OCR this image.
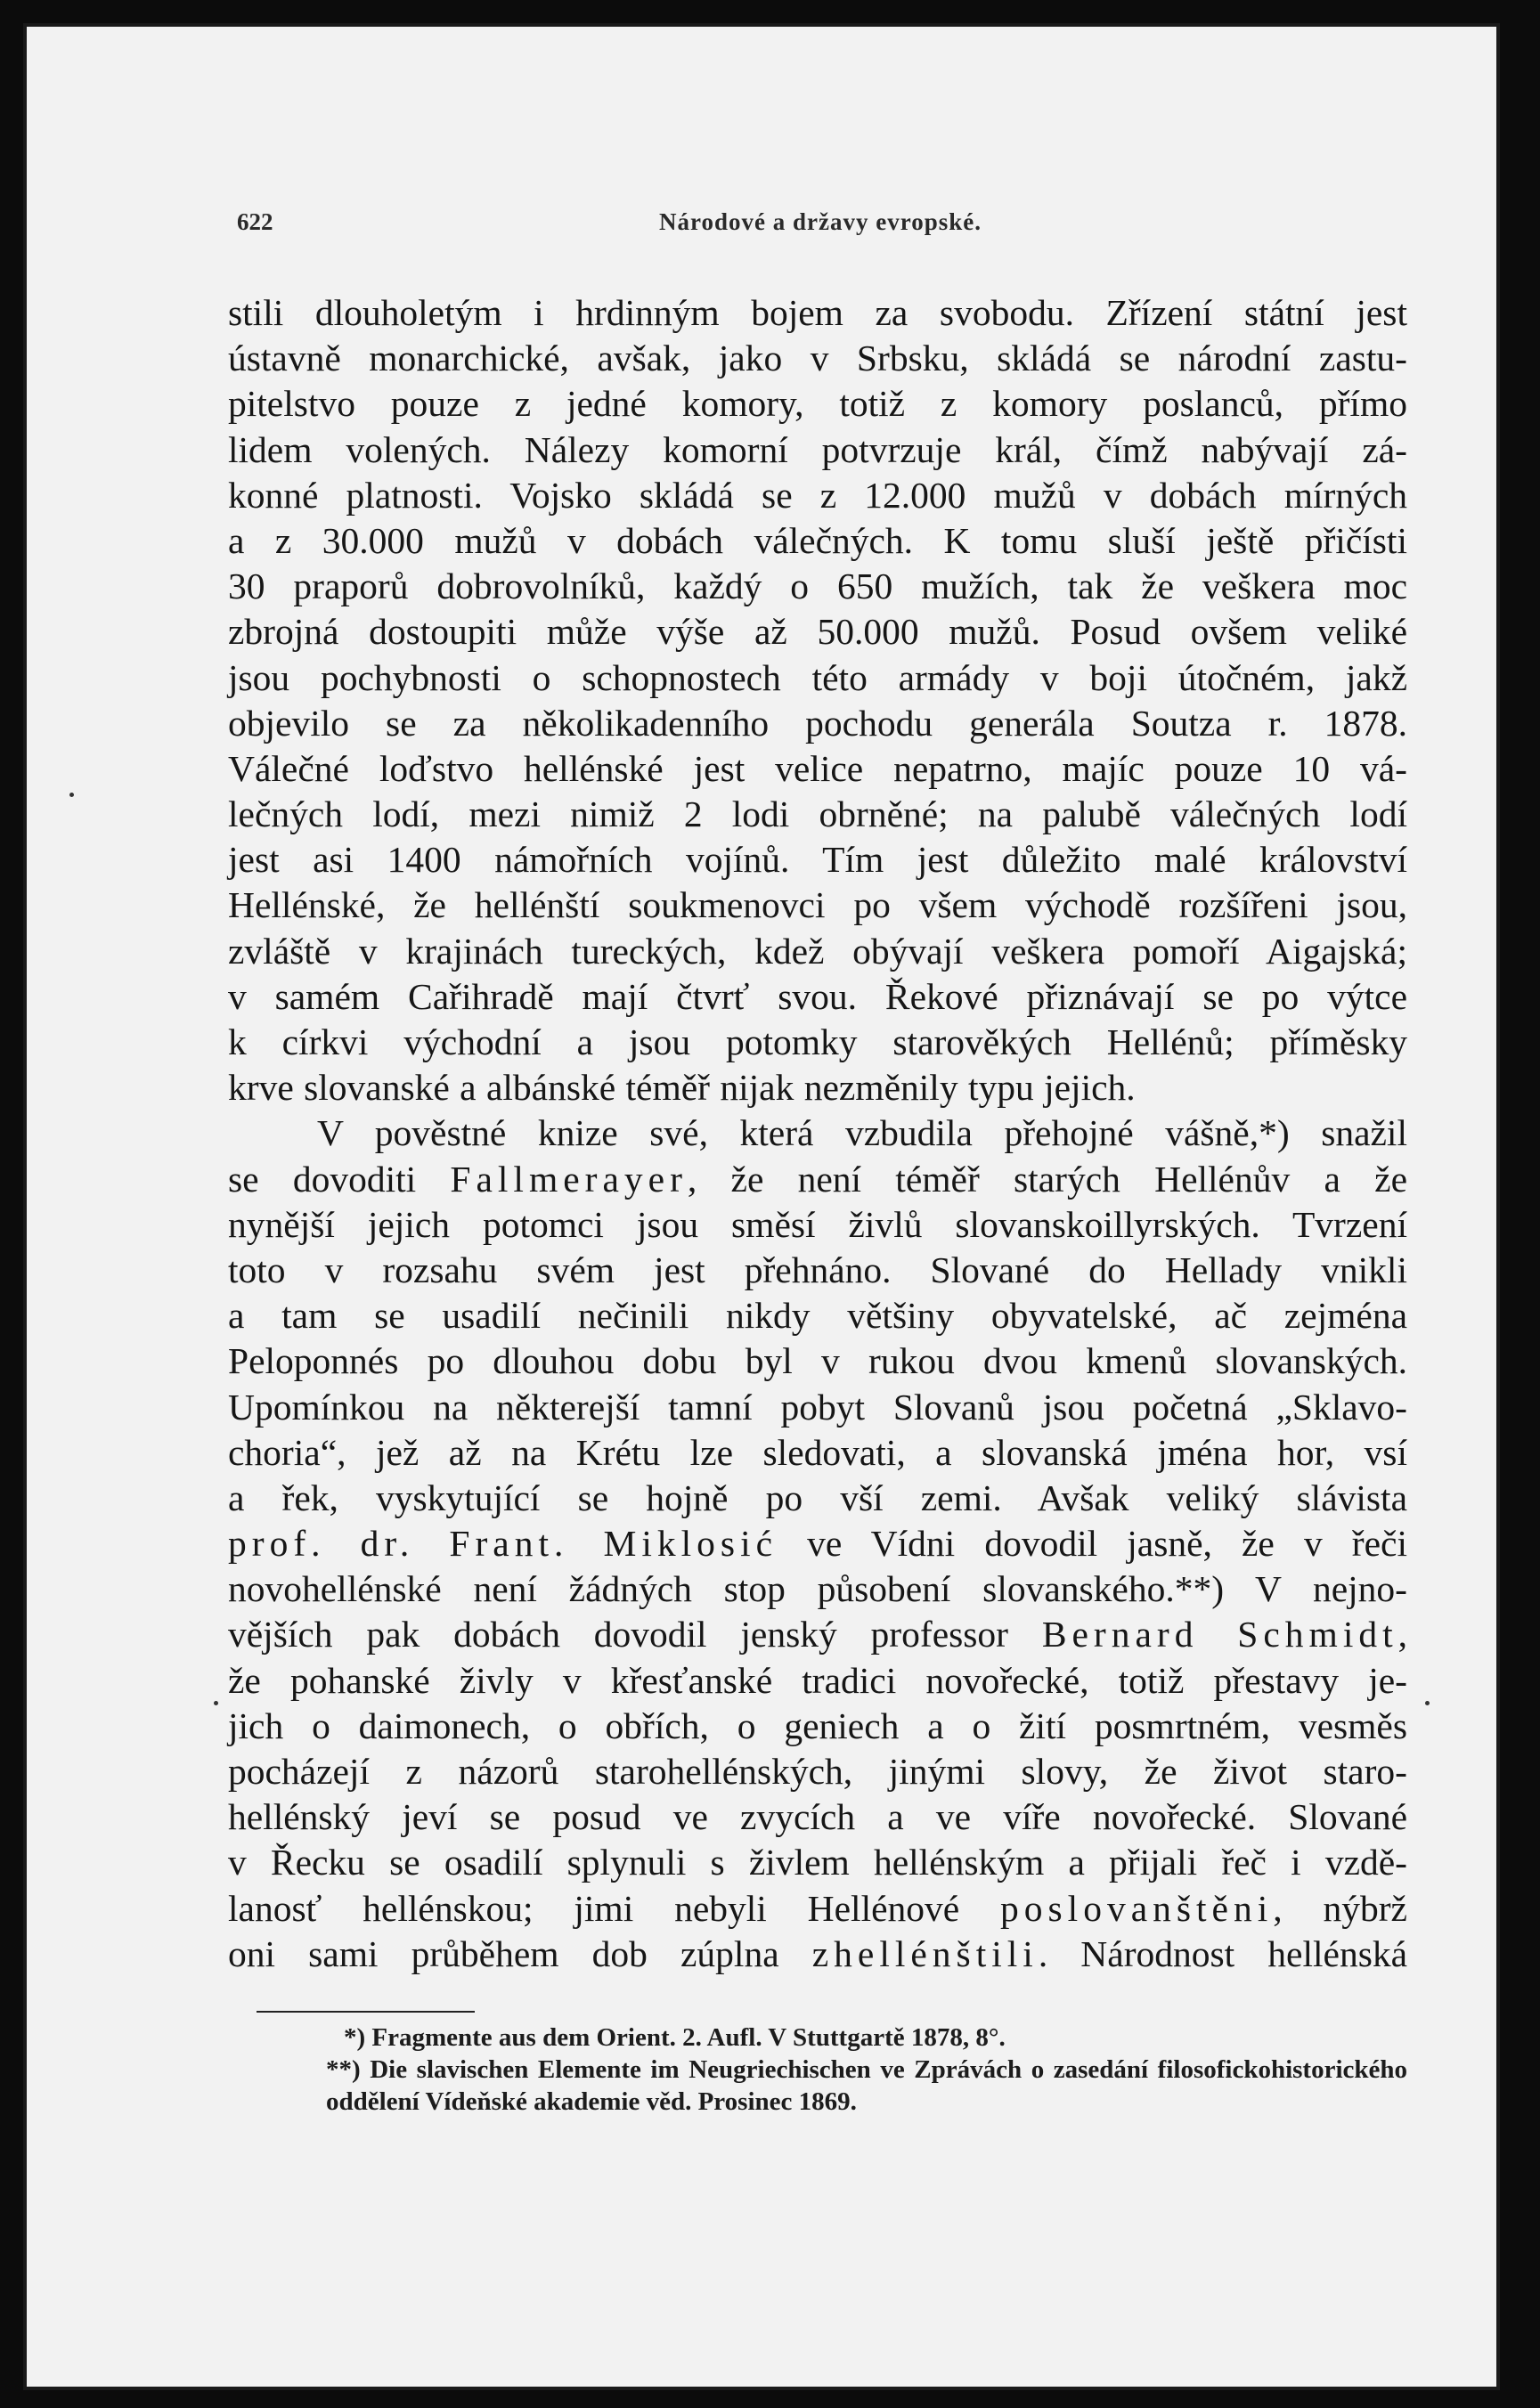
622	Národové a državy evropské.
stili dlouholetým i hrdinným bojem za svobodu. Zřízení státní jest
ústavně monarchické, avšak, jako v Srbsku, skládá se národní zastu-
pitelstvo pouze z jedné komory, totiž z komory poslanců, přímo
lidem volených. Nálezy komorní potvrzuje král, čímž nabývají zá-
konné platnosti. Vojsko skládá se z 12.000 mužů v dobách mírných
a z 30.000 mužů v dobách válečných. K tomu sluší ještě přičísti
30 praporů dobrovolníků, každý o 650 mužích, tak že veškera moc
zbrojná dostoupiti může výše až 50.000 mužů. Posud ovšem veliké
jsou pochybnosti o schopnostech této armády v boji útočném, jakž
objevilo se za několikadenního pochodu generála Soutza r. 1878.
Válečné loďstvo hellénské jest velice nepatrno, majíc pouze 10 vá-
lečných lodí, mezi nimiž 2 lodi obrněné; na palubě válečných lodí
jest asi 1400 námořních vojínů. Tím jest důležito malé království
Hellénské, že hellénští soukmenovci po všem východě rozšířeni jsou,
zvláště v krajinách tureckých, kdež obývají veškera pomoří Aigajská;
v samém Cařihradě mají čtvrť svou. Řekové přiznávají se po výtce
k církvi východní a jsou potomky starověkých Hellénů; příměsky
krve slovanské a albánské téměř nijak nezměnily typu jejich.
V pověstné knize své, která vzbudila přehojné vášně,*) snažil
se dovoditi Fallmerayer, že není téměř starých Hellénův a že
nynější jejich potomci jsou směsí živlů slovanskoillyrských. Tvrzení
toto v rozsahu svém jest přehnáno. Slované do Hellady vnikli
a tam se usadilí nečinili nikdy většiny obyvatelské, ač zejména
Peloponnés po dlouhou dobu byl v rukou dvou kmenů slovanských.
Upomínkou na některejší tamní pobyt Slovanů jsou početná „Sklavo-
choria“, jež až na Krétu lze sledovati, a slovanská jména hor, vsí
a řek, vyskytující se hojně po vší zemi. Avšak veliký slávista
prof. dr. Frant. Miklosić ve Vídni dovodil jasně, že v řeči
novohellénské není žádných stop působení slovanského.**) V nejno-
vějších pak dobách dovodil jenský professor Bernard Schmidt,
že pohanské živly v křesťanské tradici novořecké, totiž přestavy je-
jich o daimonech, o obřích, o geniech a o žití posmrtném, vesměs
pocházejí z názorů starohellénských, jinými slovy, že život staro-
hellénský jeví se posud ve zvycích a ve víře novořecké. Slované
v Řecku se osadilí splynuli s živlem hellénským a přijali řeč i vzdě-
lanosť hellénskou; jimi nebyli Hellénové poslovanštěni, nýbrž
oni sami průběhem dob zúplna zhellénštili. Národnost hellénská
*) Fragmente aus dem Orient. 2. Aufl. V Stuttgartě 1878, 8°.
**) Die slavischen Elemente im Neugriechischen ve Zprávách o zasedání filosofickohistorického oddělení Vídeňské akademie věd. Prosinec 1869.
